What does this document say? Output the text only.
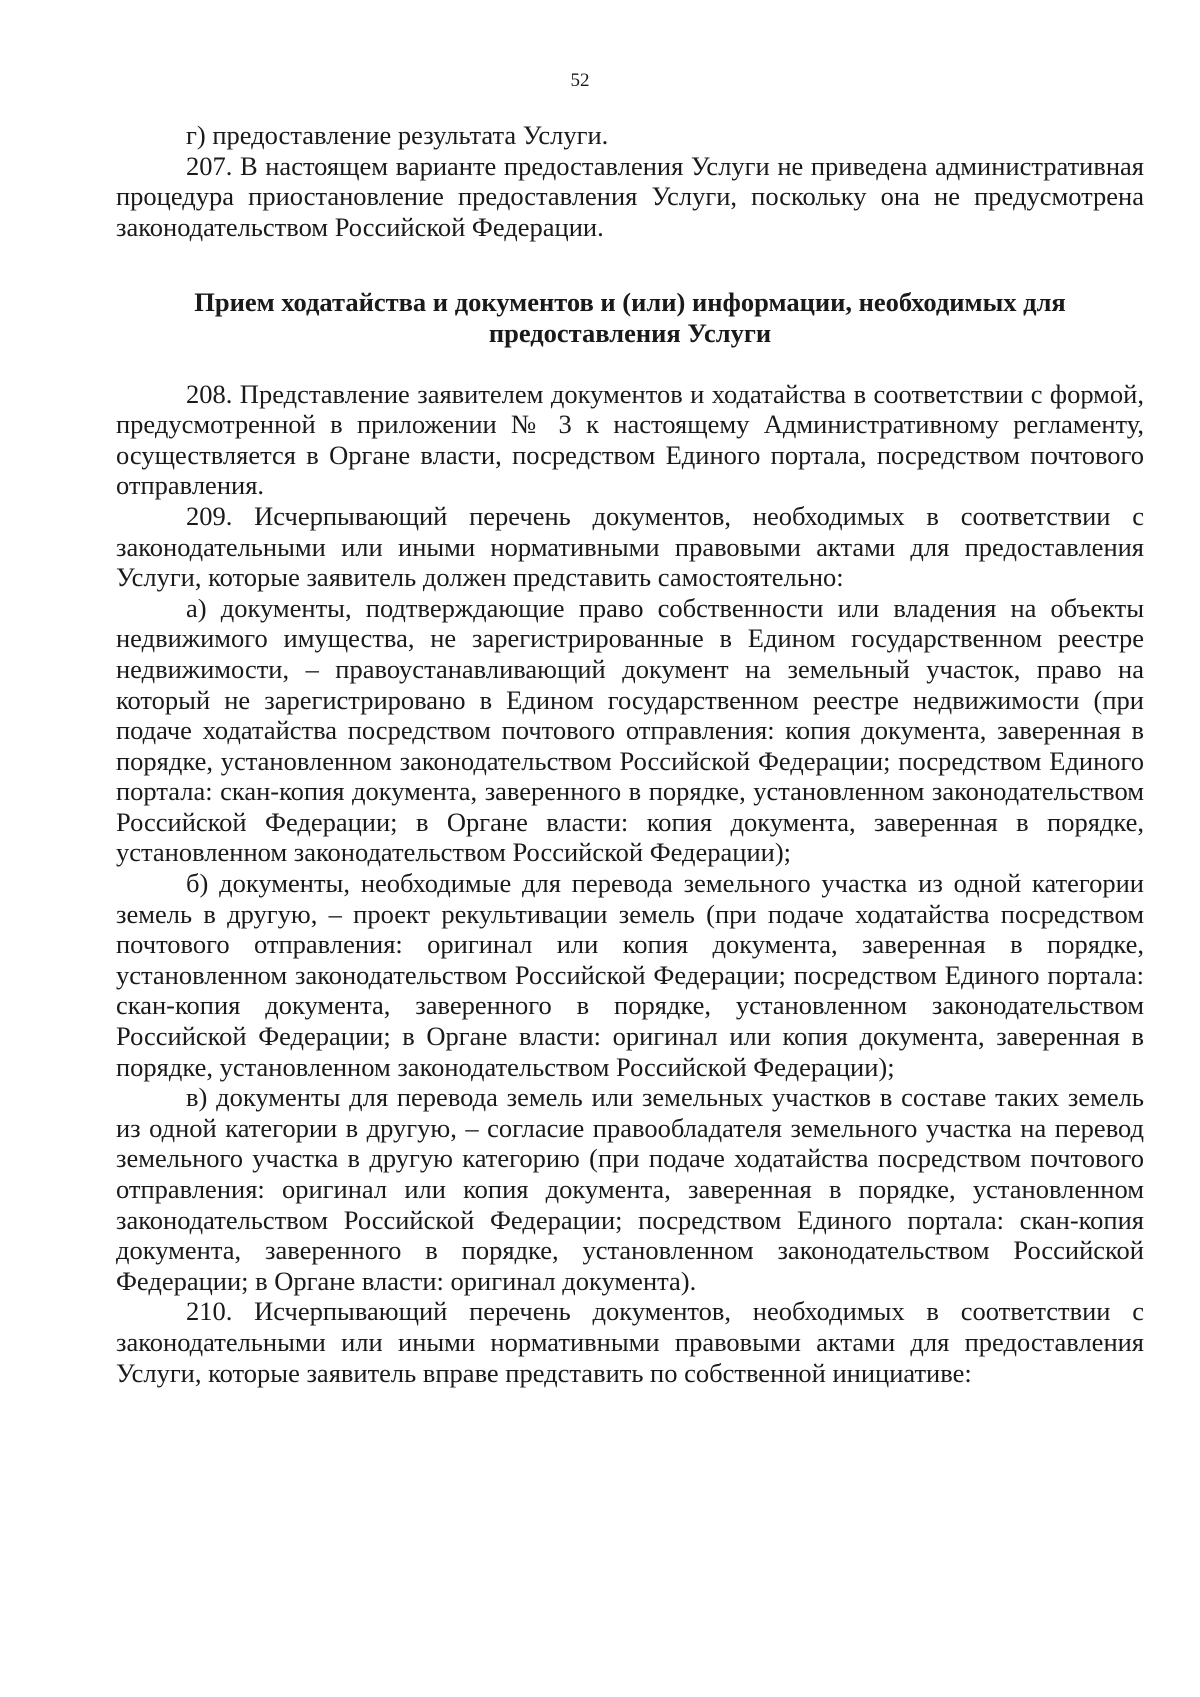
52

г) предоставление результата Услуги.

207. В настоящем варианте предоставления Услуги не приведена административная процедура приостановление предоставления Услуги, поскольку она не предусмотрена законодательством Российской Федерации.

Прием ходатайства и документов и (или) информации, необходимых для предоставления Услуги

208. Представление заявителем документов и ходатайства в соответствии с формой, предусмотренной в приложении № 3 к настоящему Административному регламенту, осуществляется в Органе власти, посредством Единого портала, посредством почтового отправления.

209. Исчерпывающий перечень документов, необходимых в соответствии с законодательными или иными нормативными правовыми актами для предоставления Услуги, которые заявитель должен представить самостоятельно:

а) документы, подтверждающие право собственности или владения на объекты недвижимого имущества, не зарегистрированные в Едином государственном реестре недвижимости, – правоустанавливающий документ на земельный участок, право на который не зарегистрировано в Едином государственном реестре недвижимости (при подаче ходатайства посредством почтового отправления: копия документа, заверенная в порядке, установленном законодательством Российской Федерации; посредством Единого портала: скан-копия документа, заверенного в порядке, установленном законодательством Российской Федерации; в Органе власти: копия документа, заверенная в порядке, установленном законодательством Российской Федерации);

б) документы, необходимые для перевода земельного участка из одной категории земель в другую, – проект рекультивации земель (при подаче ходатайства посредством почтового отправления: оригинал или копия документа, заверенная в порядке, установленном законодательством Российской Федерации; посредством Единого портала: скан-копия документа, заверенного в порядке, установленном законодательством Российской Федерации; в Органе власти: оригинал или копия документа, заверенная в порядке, установленном законодательством Российской Федерации);

в) документы для перевода земель или земельных участков в составе таких земель из одной категории в другую, – согласие правообладателя земельного участка на перевод земельного участка в другую категорию (при подаче ходатайства посредством почтового отправления: оригинал или копия документа, заверенная в порядке, установленном законодательством Российской Федерации; посредством Единого портала: скан-копия документа, заверенного в порядке, установленном законодательством Российской Федерации; в Органе власти: оригинал документа).

210. Исчерпывающий перечень документов, необходимых в соответствии с законодательными или иными нормативными правовыми актами для предоставления Услуги, которые заявитель вправе представить по собственной инициативе:
